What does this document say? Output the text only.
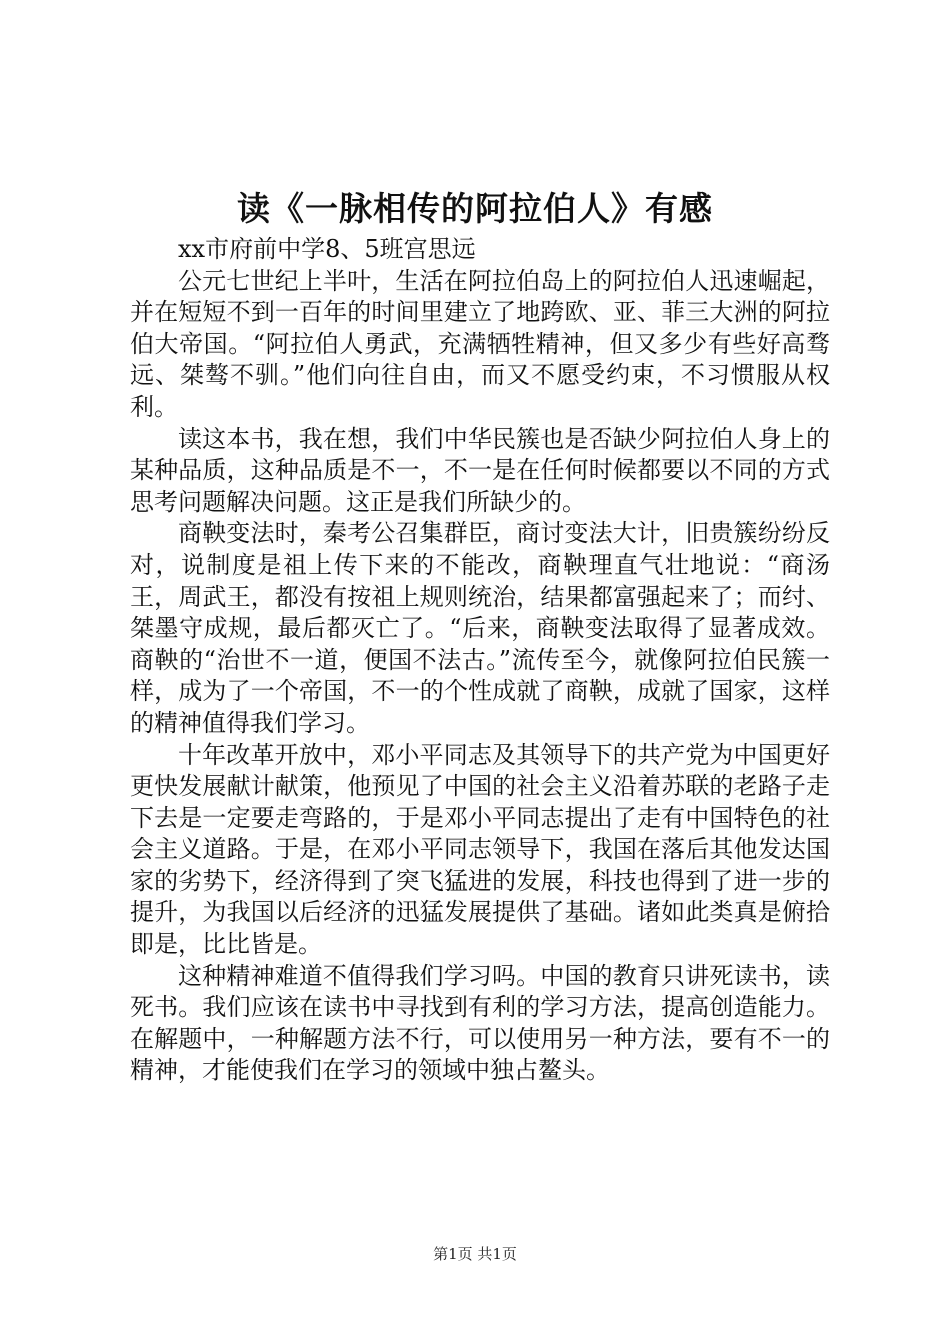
读《一脉相传的阿拉伯人》有感

xx市府前中学8、5班宫思远

公元七世纪上半叶，生活在阿拉伯岛上的阿拉伯人迅速崛起，并在短短不到一百年的时间里建立了地跨欧、亚、菲三大洲的阿拉伯大帝国。“阿拉伯人勇武，充满牺牲精神，但又多少有些好高骛远、桀骜不驯。”他们向往自由，而又不愿受约束，不习惯服从权利。

读这本书，我在想，我们中华民簇也是否缺少阿拉伯人身上的某种品质，这种品质是不一，不一是在任何时候都要以不同的方式思考问题解决问题。这正是我们所缺少的。

商鞅变法时，秦考公召集群臣，商讨变法大计，旧贵簇纷纷反对，说制度是祖上传下来的不能改，商鞅理直气壮地说：“商汤王，周武王，都没有按祖上规则统治，结果都富强起来了；而纣、桀墨守成规，最后都灭亡了。“后来，商鞅变法取得了显著成效。商鞅的“治世不一道，便国不法古。”流传至今，就像阿拉伯民簇一样，成为了一个帝国，不一的个性成就了商鞅，成就了国家，这样的精神值得我们学习。

十年改革开放中，邓小平同志及其领导下的共产党为中国更好更快发展献计献策，他预见了中国的社会主义沿着苏联的老路子走下去是一定要走弯路的，于是邓小平同志提出了走有中国特色的社会主义道路。于是，在邓小平同志领导下，我国在落后其他发达国家的劣势下，经济得到了突飞猛进的发展，科技也得到了进一步的提升，为我国以后经济的迅猛发展提供了基础。诸如此类真是俯拾即是，比比皆是。

这种精神难道不值得我们学习吗。中国的教育只讲死读书，读死书。我们应该在读书中寻找到有利的学习方法，提高创造能力。在解题中，一种解题方法不行，可以使用另一种方法，要有不一的精神，才能使我们在学习的领域中独占鳌头。

第1页 共1页
